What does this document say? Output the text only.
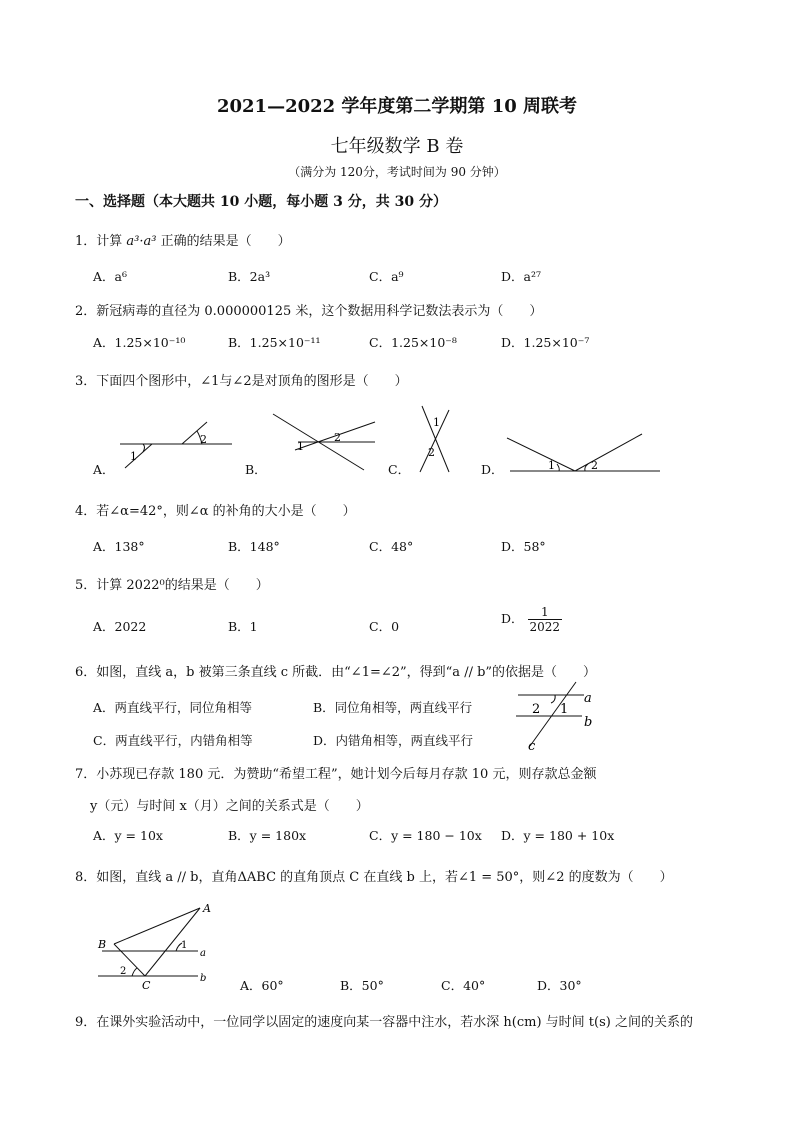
2021—2022 学年度第二学期第 10 周联考
七年级数学 B 卷
（满分为 120分，考试时间为 90 分钟）
一、选择题（本大题共 10 小题，每小题 3 分，共 30 分）
1．计算 a³·a³ 正确的结果是（　　）
A．a⁶	B．2a³	C．a⁹	D．a²⁷
2．新冠病毒的直径为 0.000000125 米，这个数据用科学记数法表示为（　　）
A．1.25×10⁻¹⁰	B．1.25×10⁻¹¹	C．1.25×10⁻⁸	D．1.25×10⁻⁷
3．下面四个图形中，∠1与∠2是对顶角的图形是（　　）
A．	B．	C．	D．
1
2
1
2
1
2
1	2
4．若∠α=42°，则∠α 的补角的大小是（　　）
A．138°	B．148°	C．48°	D．58°
5．计算 2022⁰的结果是（　　）
A．2022	B．1	C．0
D． $\frac{1}{2022}$
6．如图，直线 a，b 被第三条直线 c 所截．由“∠1=∠2”，得到“a // b”的依据是（　　）
A．两直线平行，同位角相等	B．同位角相等，两直线平行
C．两直线平行，内错角相等	D．内错角相等，两直线平行
a
b
c
1
2
7．小苏现已存款 180 元．为赞助“希望工程”，她计划今后每月存款 10 元，则存款总金额
y（元）与时间 x（月）之间的关系式是（　　）
A．y = 10x	B．y = 180x	C．y = 180 − 10x D．y = 180 + 10x
8．如图，直线 a // b，直角ΔABC 的直角顶点 C 在直线 b 上，若∠1 = 50°，则∠2 的度数为（　　）
A
B
C
a
b
1
2
A．60°	B．50°	C．40°	D．30°
9．在课外实验活动中，一位同学以固定的速度向某一容器中注水，若水深 h(cm) 与时间 t(s) 之间的关系的
